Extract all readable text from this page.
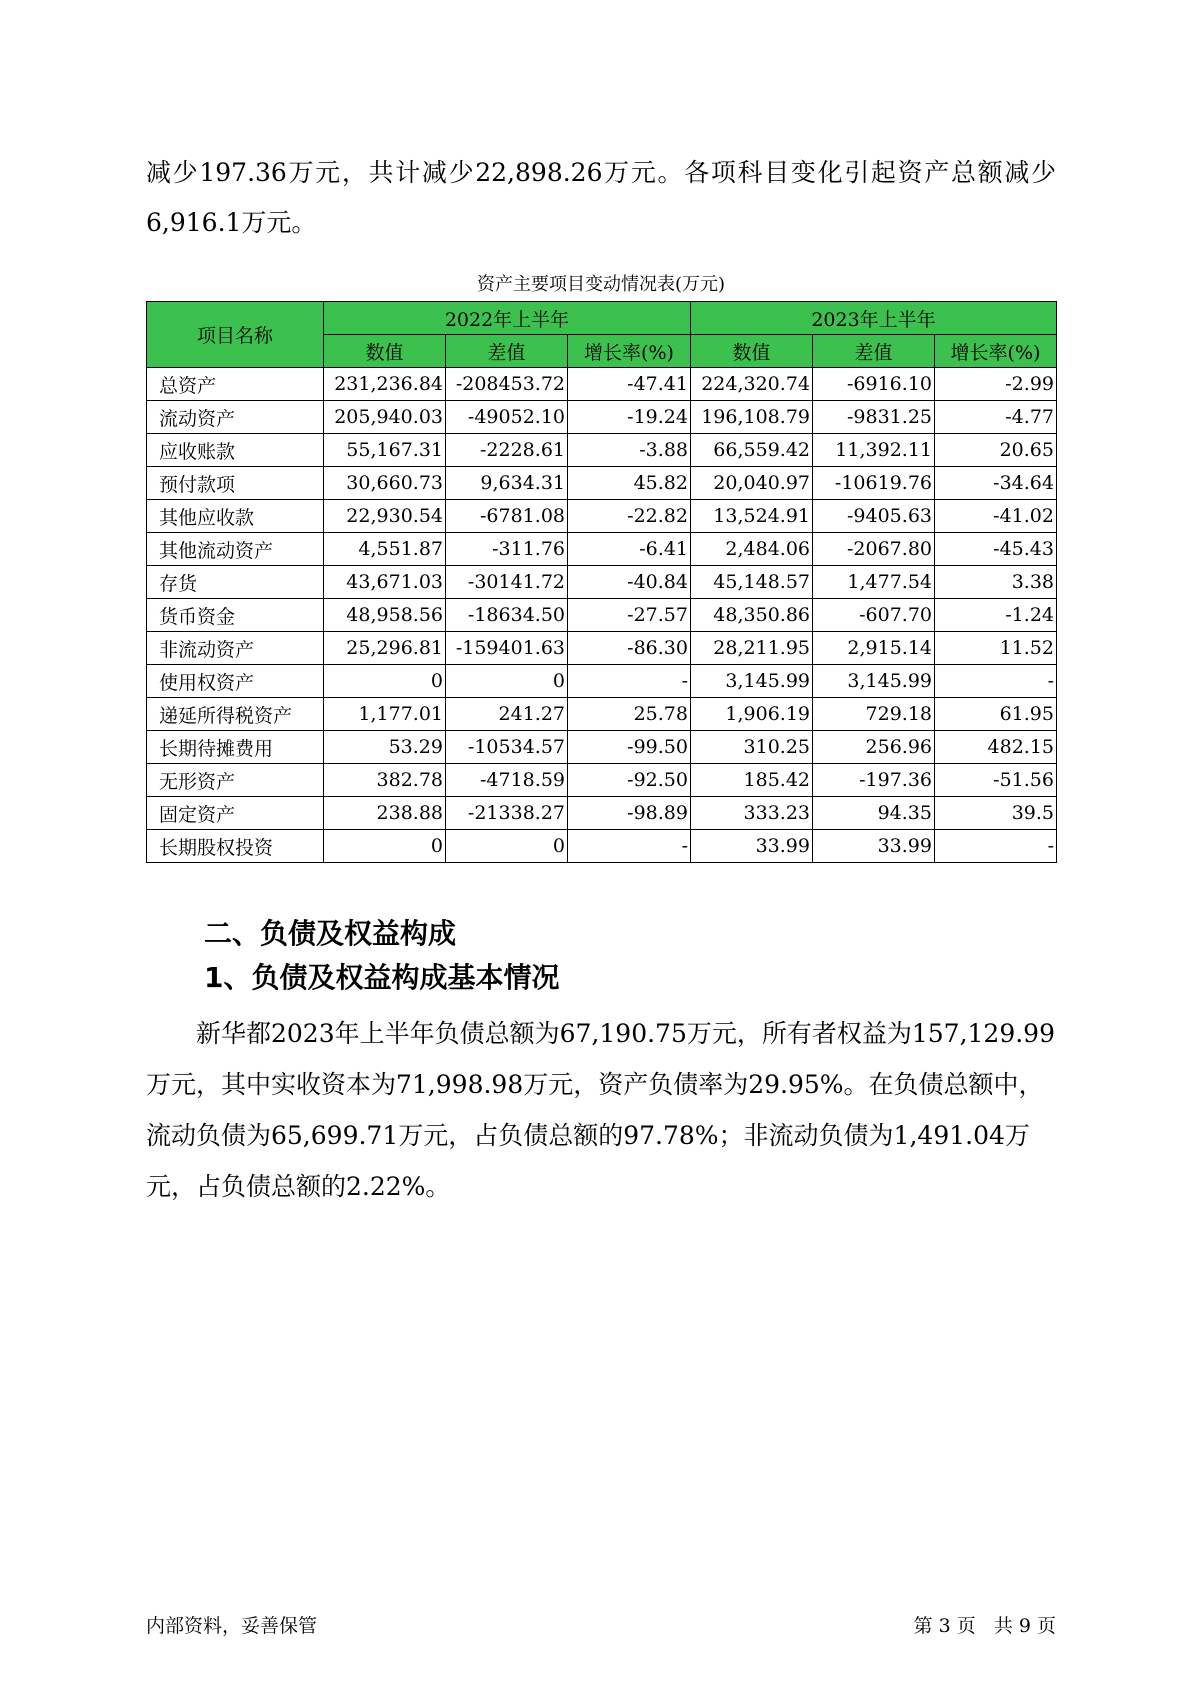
减少197.36万元，共计减少22,898.26万元。各项科目变化引起资产总额减少6,916.1万元。

资产主要项目变动情况表(万元)
项目名称	2022年上半年			2023年上半年		
	数值	差值	增长率(%)	数值	差值	增长率(%)
总资产	231,236.84	-208453.72	-47.41	224,320.74	-6916.10	-2.99
流动资产	205,940.03	-49052.10	-19.24	196,108.79	-9831.25	-4.77
应收账款	55,167.31	-2228.61	-3.88	66,559.42	11,392.11	20.65
预付款项	30,660.73	9,634.31	45.82	20,040.97	-10619.76	-34.64
其他应收款	22,930.54	-6781.08	-22.82	13,524.91	-9405.63	-41.02
其他流动资产	4,551.87	-311.76	-6.41	2,484.06	-2067.80	-45.43
存货	43,671.03	-30141.72	-40.84	45,148.57	1,477.54	3.38
货币资金	48,958.56	-18634.50	-27.57	48,350.86	-607.70	-1.24
非流动资产	25,296.81	-159401.63	-86.30	28,211.95	2,915.14	11.52
使用权资产	0	0	-	3,145.99	3,145.99	-
递延所得税资产	1,177.01	241.27	25.78	1,906.19	729.18	61.95
长期待摊费用	53.29	-10534.57	-99.50	310.25	256.96	482.15
无形资产	382.78	-4718.59	-92.50	185.42	-197.36	-51.56
固定资产	238.88	-21338.27	-98.89	333.23	94.35	39.5
长期股权投资	0	0	-	33.99	33.99	-
二、负债及权益构成
1、负债及权益构成基本情况

新华都2023年上半年负债总额为67,190.75万元，所有者权益为157,129.99万元，其中实收资本为71,998.98万元，资产负债率为29.95%。在负债总额中，流动负债为65,699.71万元，占负债总额的97.78%；非流动负债为1,491.04万元，占负债总额的2.22%。

内部资料，妥善保管	第 3 页   共 9 页
